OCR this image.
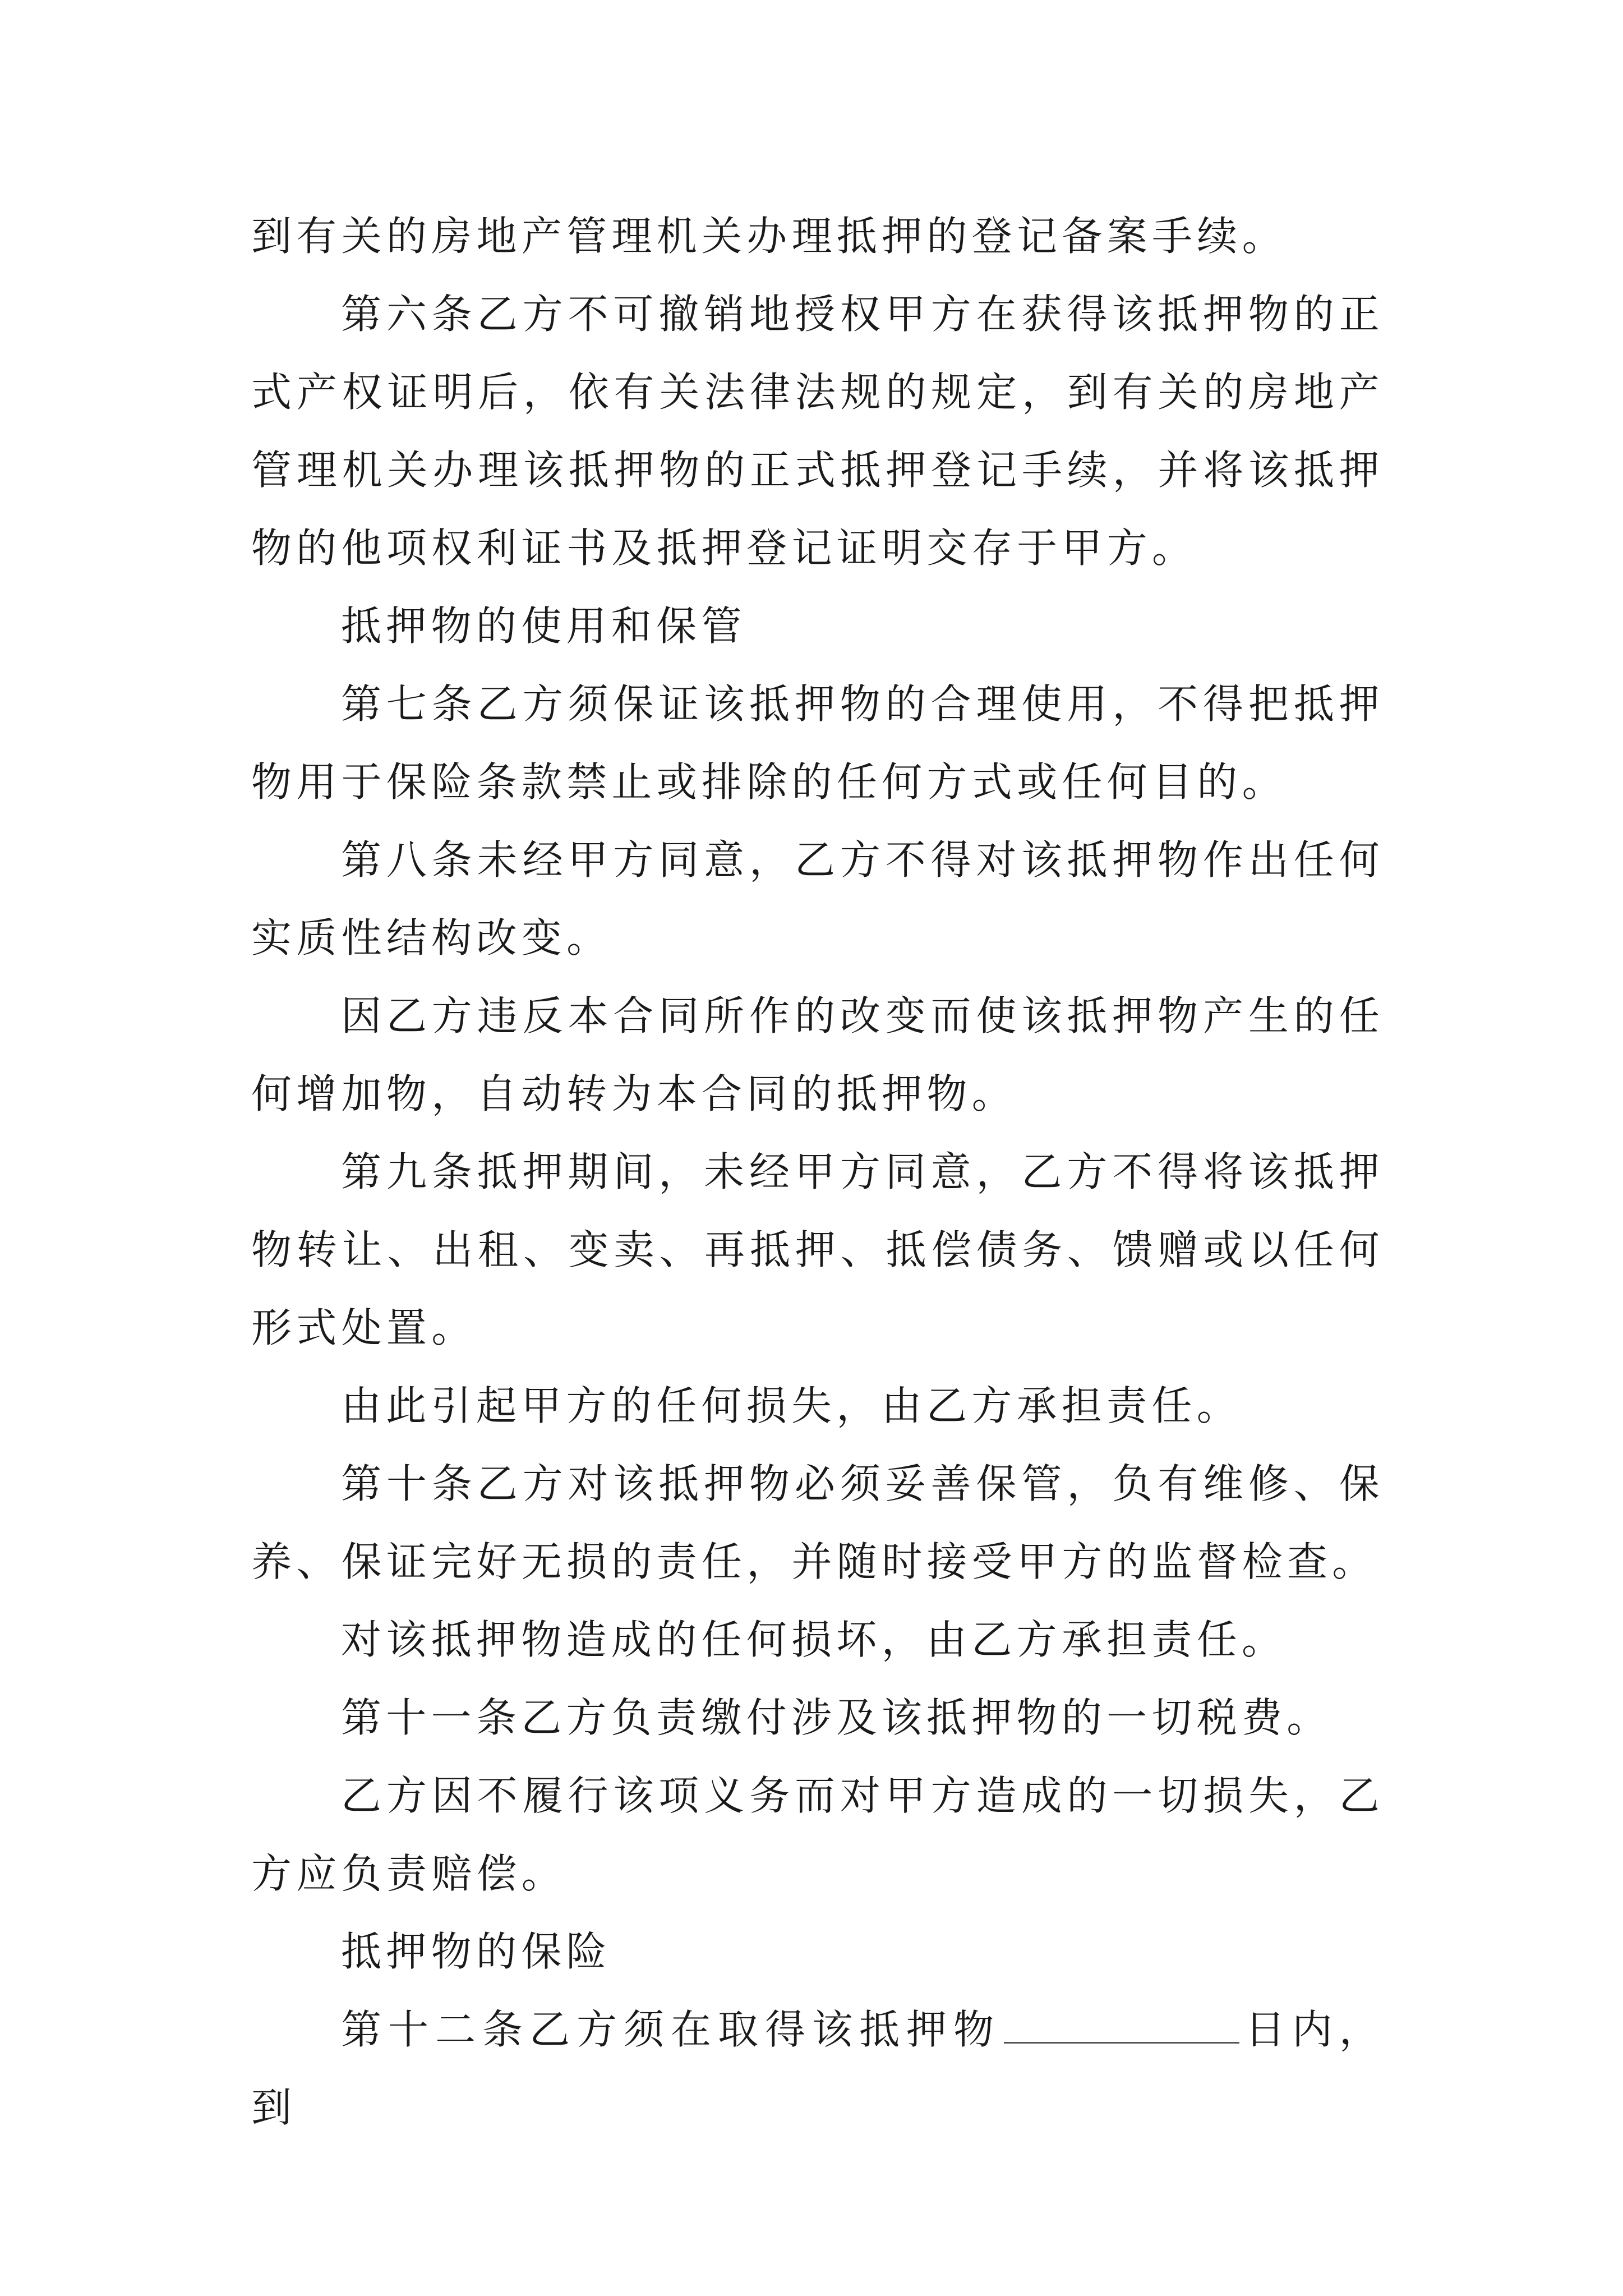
到有关的房地产管理机关办理抵押的登记备案手续。

第六条乙方不可撤销地授权甲方在获得该抵押物的正式产权证明后，依有关法律法规的规定，到有关的房地产管理机关办理该抵押物的正式抵押登记手续，并将该抵押物的他项权利证书及抵押登记证明交存于甲方。

抵押物的使用和保管

第七条乙方须保证该抵押物的合理使用，不得把抵押物用于保险条款禁止或排除的任何方式或任何目的。

第八条未经甲方同意，乙方不得对该抵押物作出任何实质性结构改变。

因乙方违反本合同所作的改变而使该抵押物产生的任何增加物，自动转为本合同的抵押物。

第九条抵押期间，未经甲方同意，乙方不得将该抵押物转让、出租、变卖、再抵押、抵偿债务、馈赠或以任何形式处置。

由此引起甲方的任何损失，由乙方承担责任。

第十条乙方对该抵押物必须妥善保管，负有维修、保养、保证完好无损的责任，并随时接受甲方的监督检查。

对该抵押物造成的任何损坏，由乙方承担责任。

第十一条乙方负责缴付涉及该抵押物的一切税费。

乙方因不履行该项义务而对甲方造成的一切损失，乙方应负责赔偿。

抵押物的保险

第十二条乙方须在取得该抵押物	日内，到
